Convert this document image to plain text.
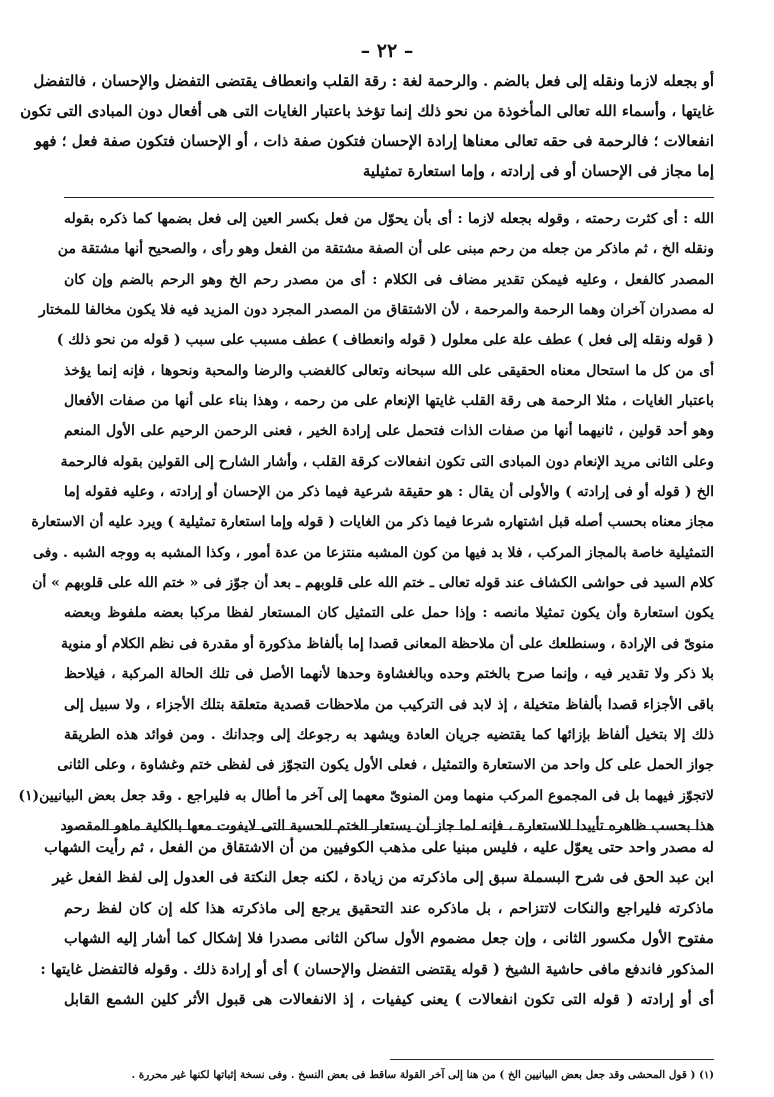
– ٢٢ –
أو بجعله لازما ونقله إلى فعل بالضم . والرحمة لغة : رقة القلب وانعطاف يقتضى التفضل والإحسان ، فالتفضل
غايتها ، وأسماء الله تعالى المأخوذة من نحو ذلك إنما تؤخذ باعتبار الغايات التى هى أفعال دون المبادى التى تكون
انفعالات ؛ فالرحمة فى حقه تعالى معناها إرادة الإحسان فتكون صفة ذات ، أو الإحسان فتكون صفة فعل ؛ فهو
إما مجاز فى الإحسان أو فى إرادته ، وإما استعارة تمثيلية
الله : أى كثرت رحمته ، وقوله بجعله لازما : أى بأن يحوّل من فعل بكسر العين إلى فعل بضمها كما ذكره بقوله
ونقله الخ ، ثم ماذكر من جعله من رحم مبنى على أن الصفة مشتقة من الفعل وهو رأى ، والصحيح أنها مشتقة من
المصدر كالفعل ، وعليه فيمكن تقدير مضاف فى الكلام : أى من مصدر رحم الخ وهو الرحم بالضم وإن كان
له مصدران آخران وهما الرحمة والمرحمة ، لأن الاشتقاق من المصدر المجرد دون المزيد فيه فلا يكون مخالفا للمختار
( قوله ونقله إلى فعل ) عطف علة على معلول ( قوله وانعطاف ) عطف مسبب على سبب ( قوله من نحو ذلك )
أى من كل ما استحال معناه الحقيقى على الله سبحانه وتعالى كالغضب والرضا والمحبة ونحوها ، فإنه إنما يؤخذ
باعتبار الغايات ، مثلا الرحمة هى رقة القلب غايتها الإنعام على من رحمه ، وهذا بناء على أنها من صفات الأفعال
وهو أحد قولين ، ثانيهما أنها من صفات الذات فتحمل على إرادة الخير ، فعنى الرحمن الرحيم على الأول المنعم
وعلى الثانى مريد الإنعام دون المبادى التى تكون انفعالات كرقة القلب ، وأشار الشارح إلى القولين بقوله فالرحمة
الخ ( قوله أو فى إرادته ) والأولى أن يقال : هو حقيقة شرعية فيما ذكر من الإحسان أو إرادته ، وعليه فقوله إما
مجاز معناه بحسب أصله قبل اشتهاره شرعا فيما ذكر من الغايات ( قوله وإما استعارة تمثيلية ) ويرد عليه أن الاستعارة
التمثيلية خاصة بالمجاز المركب ، فلا بد فيها من كون المشبه منتزعا من عدة أمور ، وكذا المشبه به ووجه الشبه . وفى
كلام السيد فى حواشى الكشاف عند قوله تعالى ـ ختم الله على قلوبهم ـ بعد أن جوّز فى « ختم الله على قلوبهم » أن
يكون استعارة وأن يكون تمثيلا مانصه : وإذا حمل على التمثيل كان المستعار لفظا مركبا بعضه ملفوظ وبعضه
منوىّ فى الإرادة ، وسنطلعك على أن ملاحظة المعانى قصدا إما بألفاظ مذكورة أو مقدرة فى نظم الكلام أو منوية
بلا ذكر ولا تقدير فيه ، وإنما صرح بالختم وحده وبالغشاوة وحدها لأنهما الأصل فى تلك الحالة المركبة ، فيلاحظ
باقى الأجزاء قصدا بألفاظ متخيلة ، إذ لابد فى التركيب من ملاحظات قصدية متعلقة بتلك الأجزاء ، ولا سبيل إلى
ذلك إلا بتخيل ألفاظ بإزائها كما يقتضيه جريان العادة ويشهد به رجوعك إلى وجدانك . ومن فوائد هذه الطريقة
جواز الحمل على كل واحد من الاستعارة والتمثيل ، فعلى الأول يكون التجوّز فى لفظى ختم وغشاوة ، وعلى الثانى
لاتجوّز فيهما بل فى المجموع المركب منهما ومن المنوىّ معهما إلى آخر ما أطال به فليراجع . وقد جعل بعض البيانيين(١)
هذا بحسب ظاهره تأييدا للاستعارة ، فإنه لما جاز أن يستعار الختم للحسية التى لايفوت معها بالكلية ماهو المقصود
له مصدر واحد حتى يعوّل عليه ، فليس مبنيا على مذهب الكوفيين من أن الاشتقاق من الفعل ، ثم رأيت الشهاب
ابن عبد الحق فى شرح البسملة سبق إلى ماذكرته من زيادة ، لكنه جعل النكتة فى العدول إلى لفظ الفعل غير
ماذكرته فليراجع والنكات لاتتزاحم ، بل ماذكره عند التحقيق يرجع إلى ماذكرته هذا كله إن كان لفظ رحم
مفتوح الأول مكسور الثانى ، وإن جعل مضموم الأول ساكن الثانى مصدرا فلا إشكال كما أشار إليه الشهاب
المذكور فاندفع مافى حاشية الشيخ ( قوله يقتضى التفضل والإحسان ) أى أو إرادة ذلك . وقوله فالتفضل غايتها :
أى أو إرادته ( قوله التى تكون انفعالات ) يعنى كيفيات ، إذ الانفعالات هى قبول الأثر كلين الشمع القابل
(١) ( قول المحشى وقد جعل بعض البيانيين الخ ) من هنا إلى آخر القولة ساقط فى بعض النسخ . وفى نسخة إثباتها لكنها غير محررة .
